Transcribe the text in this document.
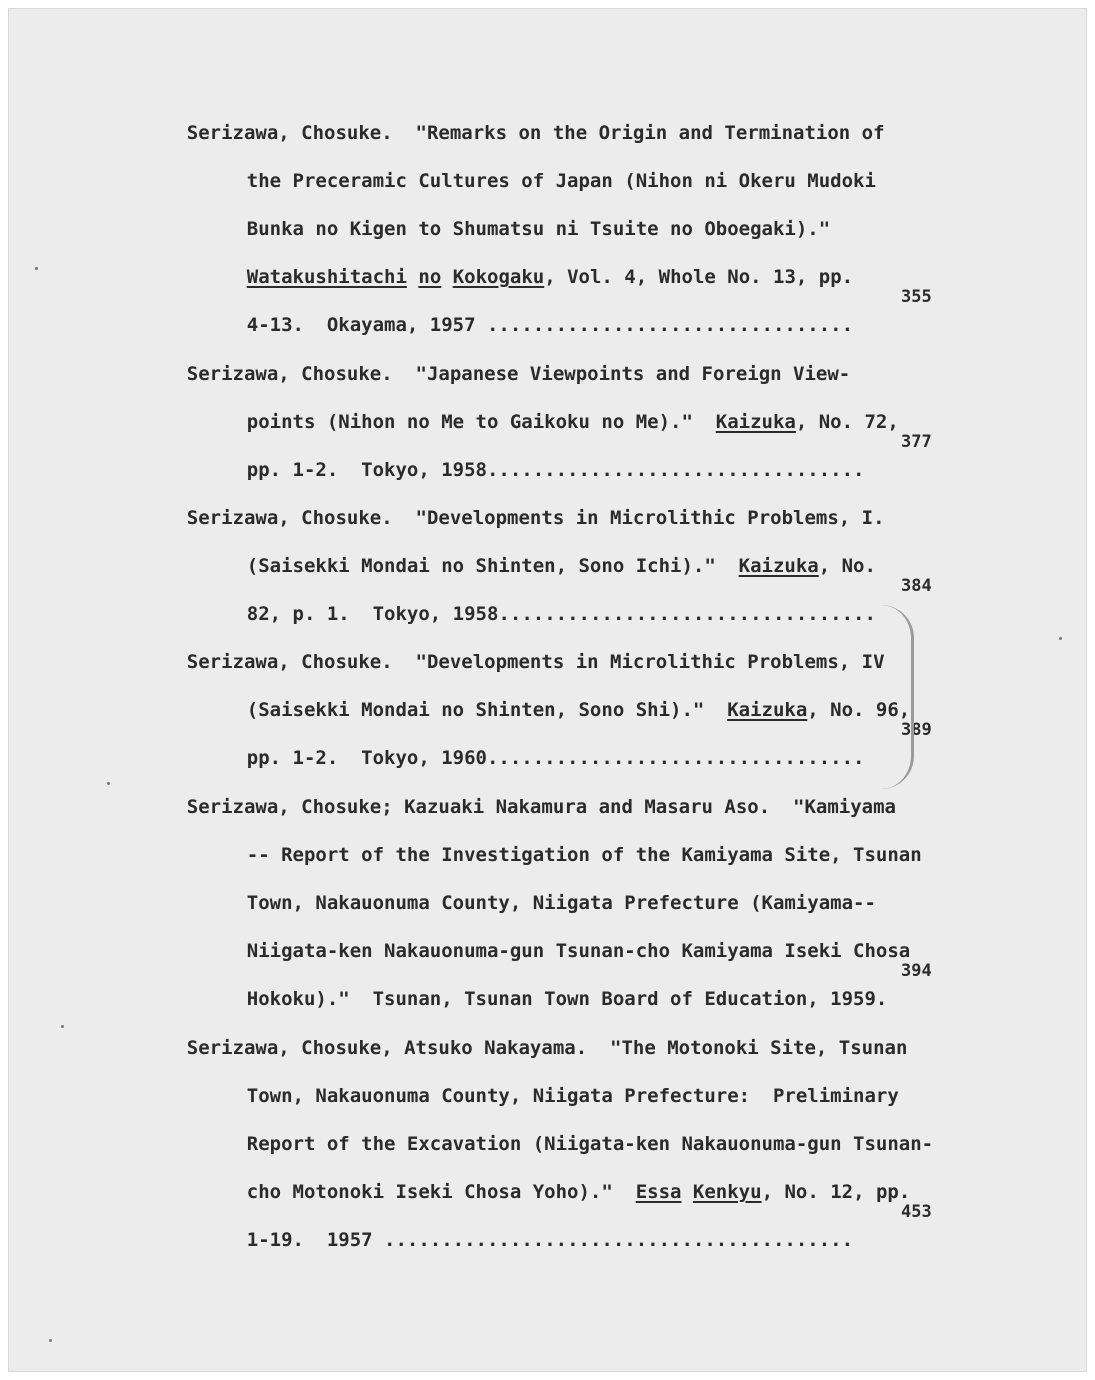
Serizawa, Chosuke.  "Remarks on the Origin and Termination of

the Preceramic Cultures of Japan (Nihon ni Okeru Mudoki

Bunka no Kigen to Shumatsu ni Tsuite no Oboegaki)."

Watakushitachi no Kokogaku, Vol. 4, Whole No. 13, pp.

4-13.  Okayama, 1957 ................................

355

Serizawa, Chosuke.  "Japanese Viewpoints and Foreign View-

points (Nihon no Me to Gaikoku no Me)."  Kaizuka, No. 72,

pp. 1-2.  Tokyo, 1958.................................

377

Serizawa, Chosuke.  "Developments in Microlithic Problems, I.

(Saisekki Mondai no Shinten, Sono Ichi)."  Kaizuka, No.

82, p. 1.  Tokyo, 1958.................................

384

Serizawa, Chosuke.  "Developments in Microlithic Problems, IV

(Saisekki Mondai no Shinten, Sono Shi)."  Kaizuka, No. 96,

pp. 1-2.  Tokyo, 1960.................................

389

Serizawa, Chosuke; Kazuaki Nakamura and Masaru Aso.  "Kamiyama

-- Report of the Investigation of the Kamiyama Site, Tsunan

Town, Nakauonuma County, Niigata Prefecture (Kamiyama--

Niigata-ken Nakauonuma-gun Tsunan-cho Kamiyama Iseki Chosa

Hokoku)."  Tsunan, Tsunan Town Board of Education, 1959.

394

Serizawa, Chosuke, Atsuko Nakayama.  "The Motonoki Site, Tsunan

Town, Nakauonuma County, Niigata Prefecture:  Preliminary

Report of the Excavation (Niigata-ken Nakauonuma-gun Tsunan-

cho Motonoki Iseki Chosa Yoho)."  Essa Kenkyu, No. 12, pp.

1-19.  1957 .........................................

453
